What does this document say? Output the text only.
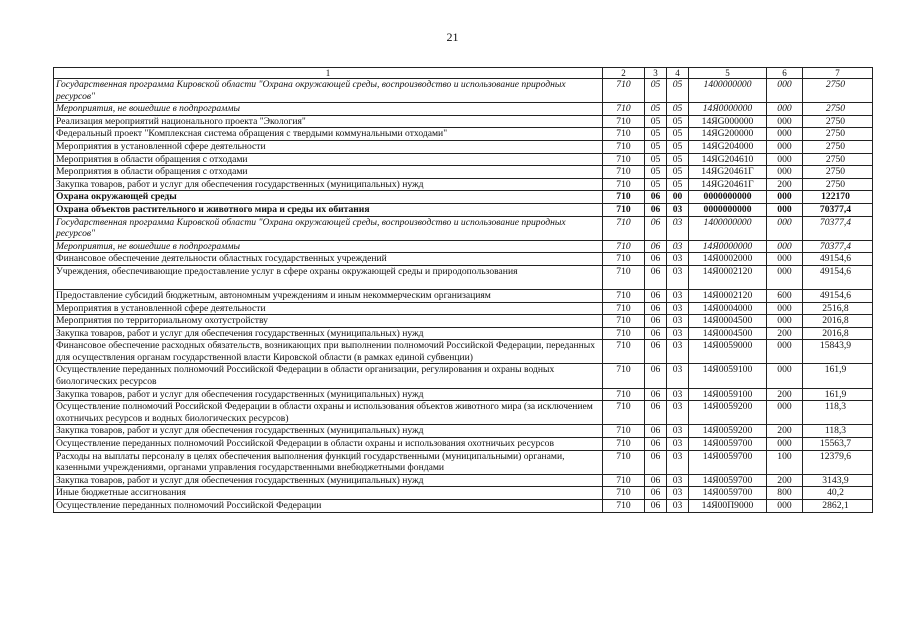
21
1	2	3	4	5	6	7
Государственная программа Кировской области "Охрана окружающей среды, воспроизводство и использование природных ресурсов"	710	05	05	1400000000	000	2750
Мероприятия, не вошедшие в подпрограммы	710	05	05	14Я0000000	000	2750
Реализация мероприятий национального проекта "Экология"	710	05	05	14ЯG000000	000	2750
Федеральный проект "Комплексная система обращения с твердыми коммунальными отходами"	710	05	05	14ЯG200000	000	2750
Мероприятия в установленной сфере деятельности	710	05	05	14ЯG204000	000	2750
Мероприятия в области обращения с отходами	710	05	05	14ЯG204610	000	2750
Мероприятия в области обращения с отходами	710	05	05	14ЯG20461Г	000	2750
Закупка товаров, работ и услуг для обеспечения государственных (муниципальных) нужд	710	05	05	14ЯG20461Г	200	2750
Охрана окружающей среды	710	06	00	0000000000	000	122170
Охрана объектов растительного и животного мира и среды их обитания	710	06	03	0000000000	000	70377,4
Государственная программа Кировской области "Охрана окружающей среды, воспроизводство и использование природных ресурсов"	710	06	03	1400000000	000	70377,4
Мероприятия, не вошедшие в подпрограммы	710	06	03	14Я0000000	000	70377,4
Финансовое обеспечение деятельности областных государственных учреждений	710	06	03	14Я0002000	000	49154,6
Учреждения, обеспечивающие предоставление услуг в сфере охраны окружающей среды и природопользования	710	06	03	14Я0002120	000	49154,6
Предоставление субсидий бюджетным, автономным учреждениям и иным некоммерческим организациям	710	06	03	14Я0002120	600	49154,6
Мероприятия в установленной сфере деятельности	710	06	03	14Я0004000	000	2516,8
Мероприятия по территориальному охотустройству	710	06	03	14Я0004500	000	2016,8
Закупка товаров, работ и услуг для обеспечения государственных (муниципальных) нужд	710	06	03	14Я0004500	200	2016,8
Финансовое обеспечение расходных обязательств, возникающих при выполнении полномочий Российской Федерации, переданных для осуществления органам государственной власти Кировской области (в рамках единой субвенции)	710	06	03	14Я0059000	000	15843,9
Осуществление переданных полномочий Российской Федерации в области организации, регулирования и охраны водных биологических ресурсов	710	06	03	14Я0059100	000	161,9
Закупка товаров, работ и услуг для обеспечения государственных (муниципальных) нужд	710	06	03	14Я0059100	200	161,9
Осуществление полномочий Российской Федерации в области охраны и использования объектов животного мира (за исключением охотничьих ресурсов и водных биологических ресурсов)	710	06	03	14Я0059200	000	118,3
Закупка товаров, работ и услуг для обеспечения государственных (муниципальных) нужд	710	06	03	14Я0059200	200	118,3
Осуществление переданных полномочий Российской Федерации в области охраны и использования охотничьих ресурсов	710	06	03	14Я0059700	000	15563,7
Расходы на выплаты персоналу в целях обеспечения выполнения функций государственными (муниципальными) органами, казенными учреждениями, органами управления государственными внебюджетными фондами	710	06	03	14Я0059700	100	12379,6
Закупка товаров, работ и услуг для обеспечения государственных (муниципальных) нужд	710	06	03	14Я0059700	200	3143,9
Иные бюджетные ассигнования	710	06	03	14Я0059700	800	40,2
Осуществление переданных полномочий Российской Федерации	710	06	03	14Я00П9000	000	2862,1
